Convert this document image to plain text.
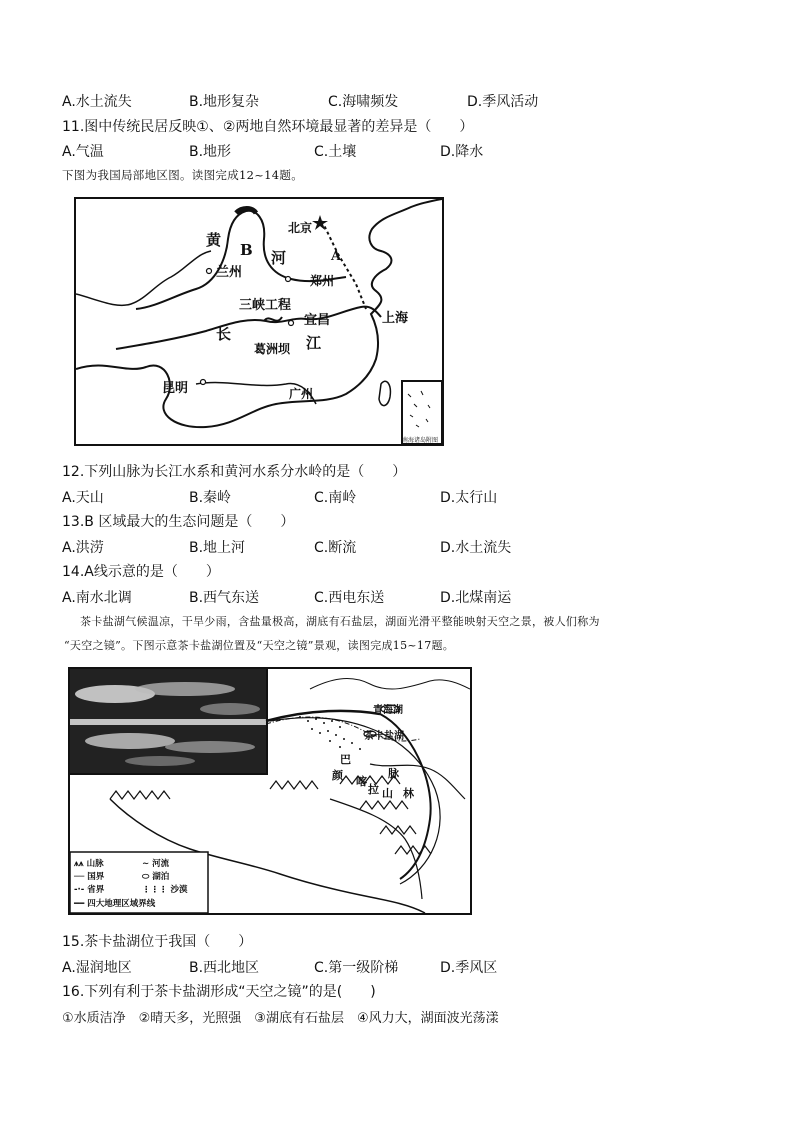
A.水土流失	B.地形复杂	C.海啸频发	D.季风活动
11.图中传统民居反映①、②两地自然环境最显著的差异是（　　）
A.气温	B.地形	C.土壤	D.降水
下图为我国局部地区图。读图完成12~14题。
北京
黄
B 河
兰州
郑州
A
三峡工程
宜昌	上海
长
葛洲坝 江
昆明	广州
南海诸岛附图
12.下列山脉为长江水系和黄河水系分水岭的是（　　）
A.天山	B.秦岭	C.南岭	D.太行山
13.B 区域最大的生态问题是（　　）
A.洪涝	B.地上河	C.断流	D.水土流失
14.A线示意的是（　　）
A.南水北调	B.西气东送	C.西电东送	D.北煤南运
茶卡盐湖气候温凉，干旱少雨，含盐量极高，湖底有石盐层，湖面光滑平整能映射天空之景，被人们称为
“天空之镜”。下图示意茶卡盐湖位置及“天空之镜”景观，读图完成15~17题。
青海湖
茶卡盐湖
巴
颜 喀
拉 山
脉
林
⩚⩚ 山脉	∼ 河流
── 国界	⬭ 湖泊
-·- 省界	⋮⋮⋮ 沙漠
━━ 四大地理区域界线
15.茶卡盐湖位于我国（　　）
A.湿润地区	B.西北地区	C.第一级阶梯	D.季风区
16.下列有利于茶卡盐湖形成“天空之镜”的是(　　)
①水质洁净　②晴天多，光照强　③湖底有石盐层　④风力大，湖面波光荡漾
